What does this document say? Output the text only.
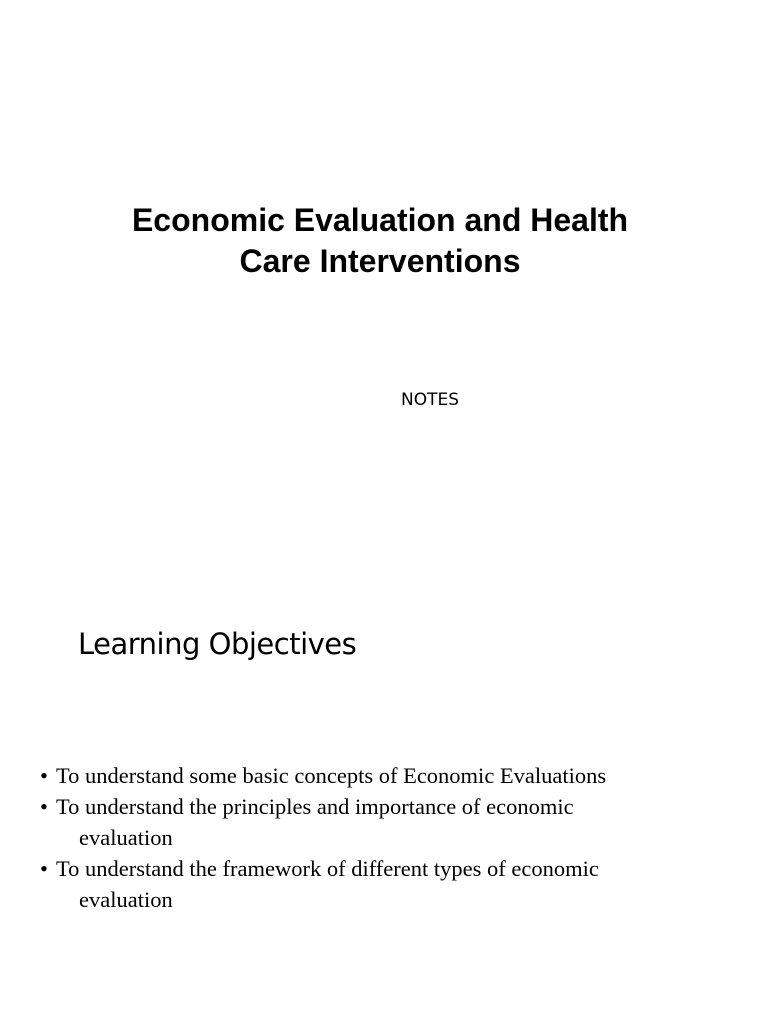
Economic Evaluation and Health
Care Interventions
NOTES
Learning Objectives
• To understand some basic concepts of Economic Evaluations
• To understand the principles and importance of economic
evaluation
• To understand the framework of different types of economic
evaluation
